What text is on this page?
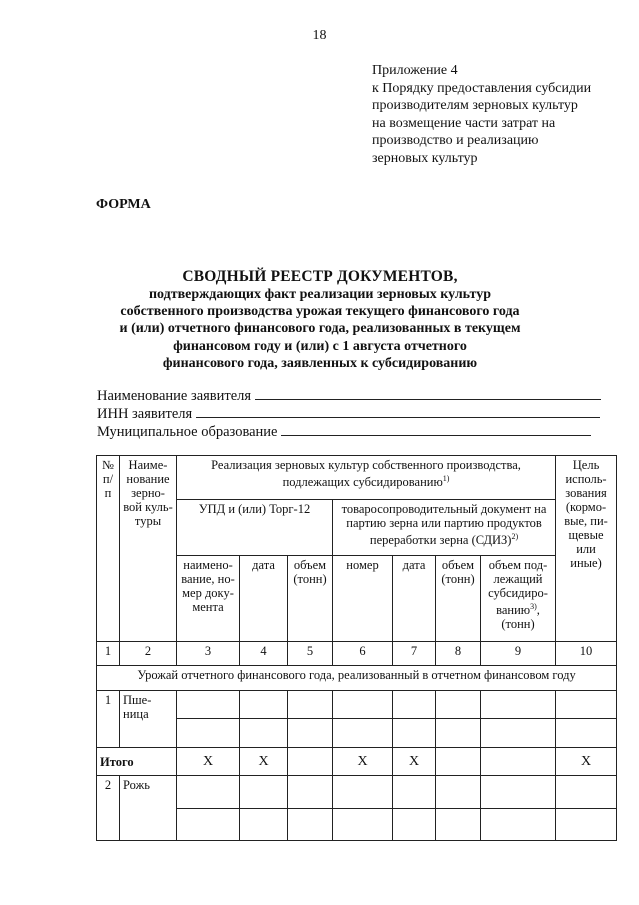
18
Приложение 4
к Порядку предоставления субсидии
производителям зерновых культур
на возмещение части затрат на
производство и реализацию
зерновых культур
ФОРМА
СВОДНЫЙ РЕЕСТР ДОКУМЕНТОВ,
подтверждающих факт реализации зерновых культур
собственного производства урожая текущего финансового года
и (или) отчетного финансового года, реализованных в текущем
финансовом году и (или) с 1 августа отчетного
финансового года, заявленных к субсидированию
Наименование заявителя
ИНН заявителя
Муниципальное образование
№ п/п	Наиме-нование зерно-вой куль-туры	Реализация зерновых культур собственного производства, подлежащих субсидированию$^{1)}$							Цель исполь-зования (кормо-вые, пи-щевые или иные)
		УПД и (или) Торг-12			товаросопроводительный документ на партию зерна или партию продуктов переработки зерна (СДИЗ)$^{2)}$
		наимено-вание, но-мер доку-мента	дата	объем (тонн)	номер	дата	объем (тонн)	объем под-лежащий субсидиро-ванию$^{3)}$, (тонн)	
1	2	3	4	5	6	7	8	9	10
Урожай отчетного финансового года, реализованный в отчетном финансовом году									
1	Пше-ница								

Итого		Х	Х		Х	Х			Х
2	Рожь								
